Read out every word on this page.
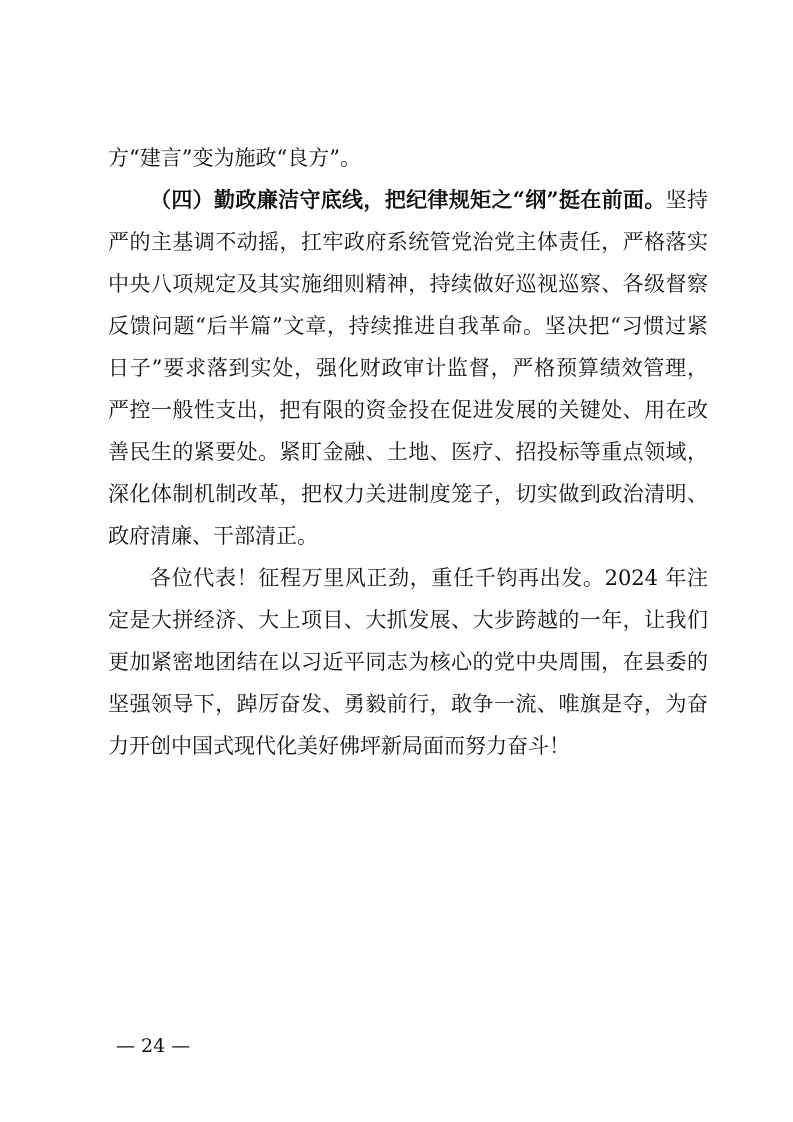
方“建言”变为施政“良方”。
（四）勤政廉洁守底线，把纪律规矩之“纲”挺在前面。坚持
严的主基调不动摇，扛牢政府系统管党治党主体责任，严格落实
中央八项规定及其实施细则精神，持续做好巡视巡察、各级督察
反馈问题“后半篇”文章，持续推进自我革命。坚决把“习惯过紧
日子”要求落到实处，强化财政审计监督，严格预算绩效管理，
严控一般性支出，把有限的资金投在促进发展的关键处、用在改
善民生的紧要处。紧盯金融、土地、医疗、招投标等重点领域，
深化体制机制改革，把权力关进制度笼子，切实做到政治清明、
政府清廉、干部清正。
各位代表！征程万里风正劲，重任千钧再出发。2024 年注
定是大拼经济、大上项目、大抓发展、大步跨越的一年，让我们
更加紧密地团结在以习近平同志为核心的党中央周围，在县委的
坚强领导下，踔厉奋发、勇毅前行，敢争一流、唯旗是夺，为奋
力开创中国式现代化美好佛坪新局面而努力奋斗！
— 24 —
